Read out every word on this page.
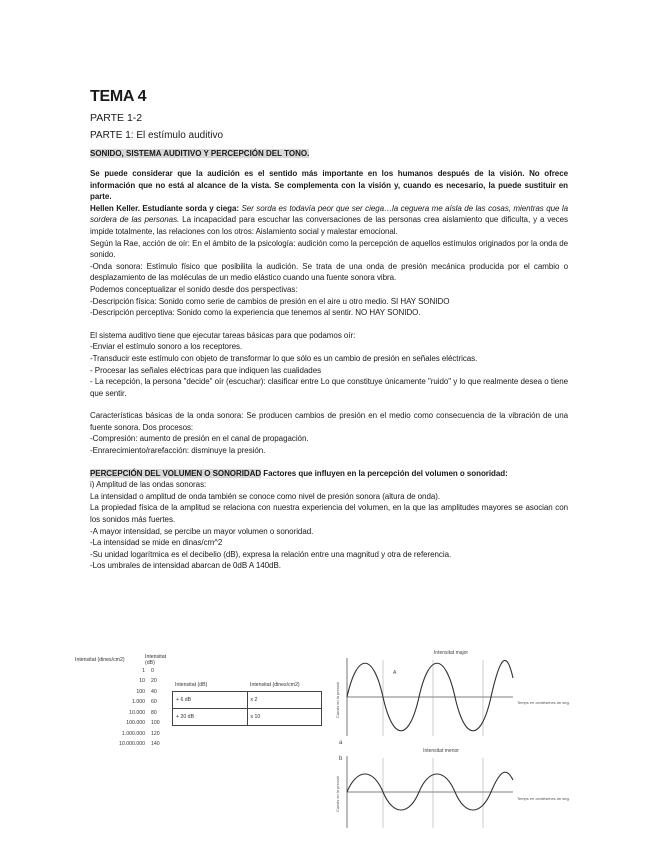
TEMA 4
PARTE 1-2
PARTE 1: El estímulo auditivo
SONIDO, SISTEMA AUDITIVO Y PERCEPCIÓN DEL TONO.

Se puede considerar que la audición es el sentido más importante en los humanos después de la visión. No ofrece información que no está al alcance de la vista. Se complementa con la visión y, cuando es necesario, la puede sustituir en parte.

Hellen Keller. Estudiante sorda y ciega: Ser sorda es todavía peor que ser ciega…la ceguera me aísla de las cosas, mientras que la sordera de las personas. La incapacidad para escuchar las conversaciones de las personas crea aislamiento que dificulta, y a veces impide totalmente, las relaciones con los otros: Aislamiento social y malestar emocional.

Según la Rae, acción de oír: En el ámbito de la psicología: audición como la percepción de aquellos estímulos originados por la onda de sonido.

-Onda sonora: Estímulo físico que posibilita la audición. Se trata de una onda de presión mecánica producida por el cambio o desplazamiento de las moléculas de un medio elástico cuando una fuente sonora vibra.

Podemos conceptualizar el sonido desde dos perspectivas:

-Descripción física: Sonido como serie de cambios de presión en el aire u otro medio. SI HAY SONIDO

-Descripción perceptiva: Sonido como la experiencia que tenemos al sentir. NO HAY SONIDO.

El sistema auditivo tiene que ejecutar tareas básicas para que podamos oír:

-Enviar el estímulo sonoro a los receptores.

-Transducir este estímulo con objeto de transformar lo que sólo es un cambio de presión en señales eléctricas.

- Procesar las señales eléctricas para que indiquen las cualidades

- La recepción, la persona "decide" oír (escuchar): clasificar entre Lo que constituye únicamente "ruido" y lo que realmente desea o tiene que sentir.

Características básicas de la onda sonora: Se producen cambios de presión en el medio como consecuencia de la vibración de una fuente sonora. Dos procesos:

-Compresión: aumento de presión en el canal de propagación.

-Enrarecimiento/rarefacción: disminuye la presión.

PERCEPCIÓN DEL VOLUMEN O SONORIDAD Factores que influyen en la percepción del volumen o sonoridad:

i) Amplitud de las ondas sonoras:

La intensidad o amplitud de onda también se conoce como nivel de presión sonora (altura de onda).

La propiedad física de la amplitud se relaciona con nuestra experiencia del volumen, en la que las amplitudes mayores se asocian con los sonidos más fuertes.

-A mayor intensidad, se percibe un mayor volumen o sonoridad.

-La intensidad se mide en dinas/cm^2

-Su unidad logarítmica es el decibelio (dB), expresa la relación entre una magnitud y otra de referencia.

-Los umbrales de intensidad abarcan de 0dB A 140dB.

Intensitat (dines/cm2)	Intensitat (dB)
1	0
10	20
100	40
1.000	60
10.000	80
100.000	100
1.000.000	120
10.000.000	140
Intensitat (dB)	Intensitat (dines/cm2)
+ 6 dB	x 2
+ 20 dB	x 10
Intensitat major
A
Canvis en la pressió	Temps en centèsimes de seg.
a
Intensitat menor
Canvis en la pressió	Temps en centèsimes de seg.
b
